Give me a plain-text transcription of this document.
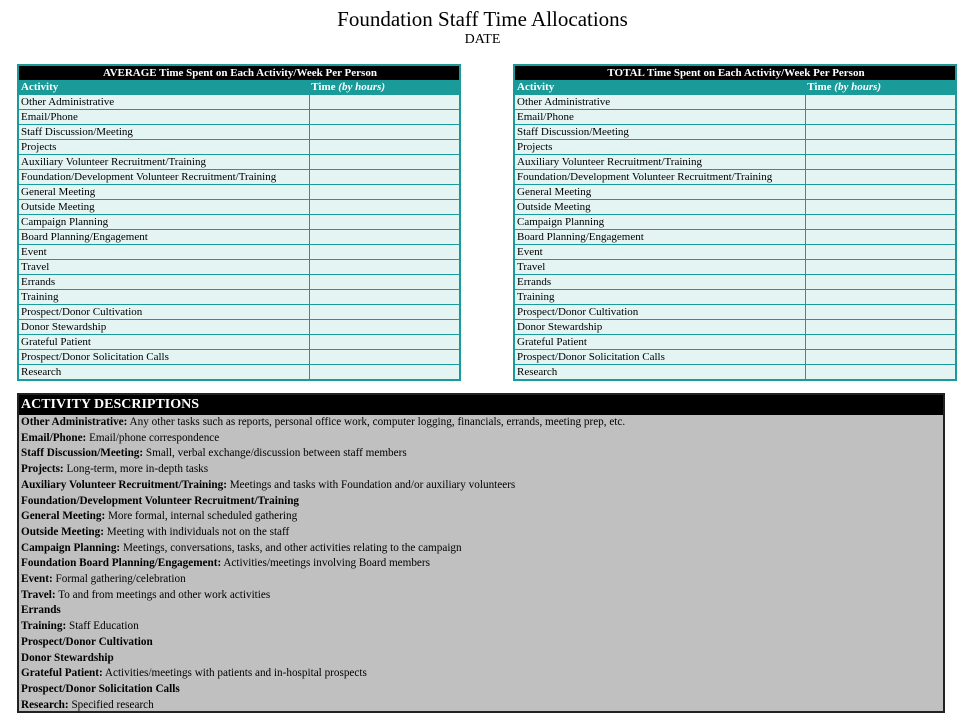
Foundation Staff Time Allocations
DATE
AVERAGE Time Spent on Each Activity/Week Per Person	
Activity	Time (by hours)
Other Administrative	
Email/Phone	
Staff Discussion/Meeting	
Projects	
Auxiliary Volunteer Recruitment/Training	
Foundation/Development Volunteer Recruitment/Training	
General Meeting	
Outside Meeting	
Campaign Planning	
Board Planning/Engagement	
Event	
Travel	
Errands	
Training	
Prospect/Donor Cultivation	
Donor Stewardship	
Grateful Patient	
Prospect/Donor Solicitation Calls	
Research	
TOTAL Time Spent on Each Activity/Week Per Person	
Activity	Time (by hours)
Other Administrative	
Email/Phone	
Staff Discussion/Meeting	
Projects	
Auxiliary Volunteer Recruitment/Training	
Foundation/Development Volunteer Recruitment/Training	
General Meeting	
Outside Meeting	
Campaign Planning	
Board Planning/Engagement	
Event	
Travel	
Errands	
Training	
Prospect/Donor Cultivation	
Donor Stewardship	
Grateful Patient	
Prospect/Donor Solicitation Calls	
Research	
ACTIVITY DESCRIPTIONS
Other Administrative: Any other tasks such as reports, personal office work, computer logging, financials, errands, meeting prep, etc.
Email/Phone: Email/phone correspondence
Staff Discussion/Meeting: Small, verbal exchange/discussion between staff members
Projects: Long-term, more in-depth tasks
Auxiliary Volunteer Recruitment/Training: Meetings and tasks with Foundation and/or auxiliary volunteers
Foundation/Development Volunteer Recruitment/Training
General Meeting: More formal, internal scheduled gathering
Outside Meeting: Meeting with individuals not on the staff
Campaign Planning: Meetings, conversations, tasks, and other activities relating to the campaign
Foundation Board Planning/Engagement: Activities/meetings involving Board members
Event: Formal gathering/celebration
Travel: To and from meetings and other work activities
Errands
Training: Staff Education
Prospect/Donor Cultivation
Donor Stewardship
Grateful Patient: Activities/meetings with patients and in-hospital prospects
Prospect/Donor Solicitation Calls
Research: Specified research
